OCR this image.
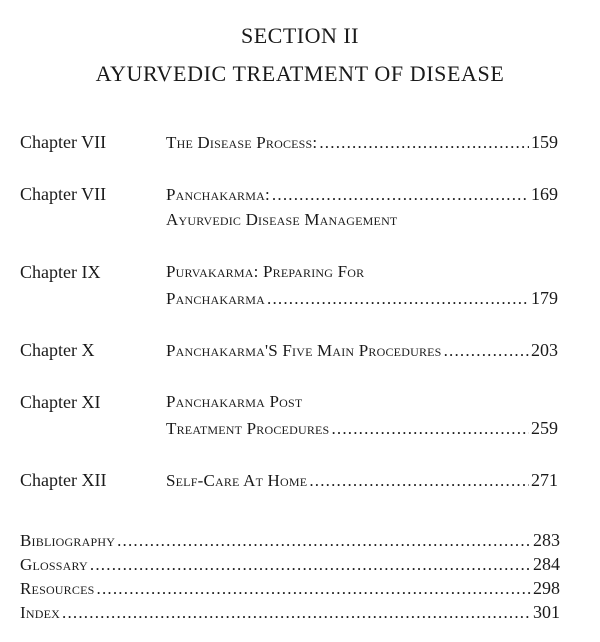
SECTION II
AYURVEDIC TREATMENT OF DISEASE
Chapter VII	The Disease Process: .....	159
Chapter VII	Panchakarma: .....	169
Ayurvedic Disease Management
Chapter IX	Purvakarma: Preparing For
Panchakarma .....	179
Chapter X	Panchakarma'S Five Main Procedures .....	203
Chapter XI	Panchakarma Post
Treatment Procedures .....	259
Chapter XII	Self-Care At Home .....	271
Bibliography .....	283
Glossary .....	284
Resources .....	298
Index .....	301
